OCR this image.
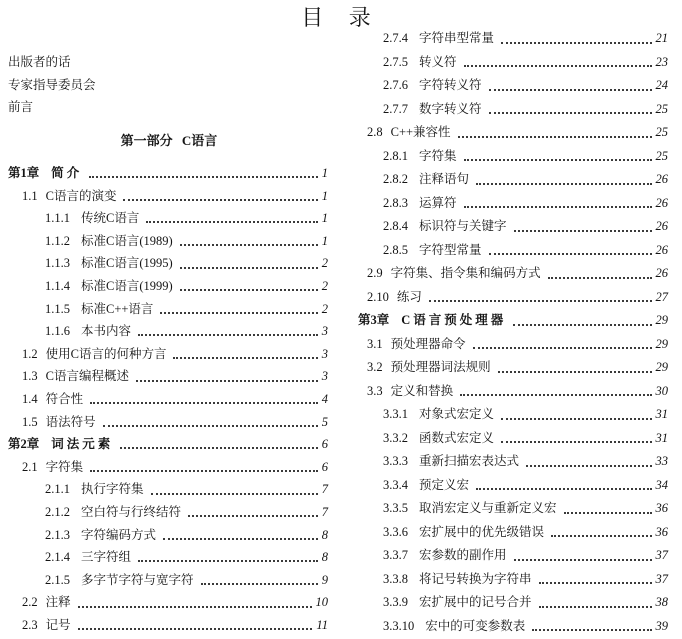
目 录
出版者的话
专家指导委员会
前言
第一部分 C语言
第1章 简介	1
1.1 C语言的演变	1
1.1.1 传统C语言	1
1.1.2 标准C语言(1989)	1
1.1.3 标准C语言(1995)	2
1.1.4 标准C语言(1999)	2
1.1.5 标准C++语言	2
1.1.6 本书内容	3
1.2 使用C语言的何种方言	3
1.3 C语言编程概述	3
1.4 符合性	4
1.5 语法符号	5
第2章 词法元素	6
2.1 字符集	6
2.1.1 执行字符集	7
2.1.2 空白符与行终结符	7
2.1.3 字符编码方式	8
2.1.4 三字符组	8
2.1.5 多字节字符与宽字符	9
2.2 注释	10
2.3 记号	11
2.7.4 字符串型常量	21
2.7.5 转义符	23
2.7.6 字符转义符	24
2.7.7 数字转义符	25
2.8 C++兼容性	25
2.8.1 字符集	25
2.8.2 注释语句	26
2.8.3 运算符	26
2.8.4 标识符与关键字	26
2.8.5 字符型常量	26
2.9 字符集、指令集和编码方式	26
2.10 练习	27
第3章 C语言预处理器	29
3.1 预处理器命令	29
3.2 预处理器词法规则	29
3.3 定义和替换	30
3.3.1 对象式宏定义	31
3.3.2 函数式宏定义	31
3.3.3 重新扫描宏表达式	33
3.3.4 预定义宏	34
3.3.5 取消宏定义与重新定义宏	36
3.3.6 宏扩展中的优先级错误	36
3.3.7 宏参数的副作用	37
3.3.8 将记号转换为字符串	37
3.3.9 宏扩展中的记号合并	38
3.3.10 宏中的可变参数表	39
